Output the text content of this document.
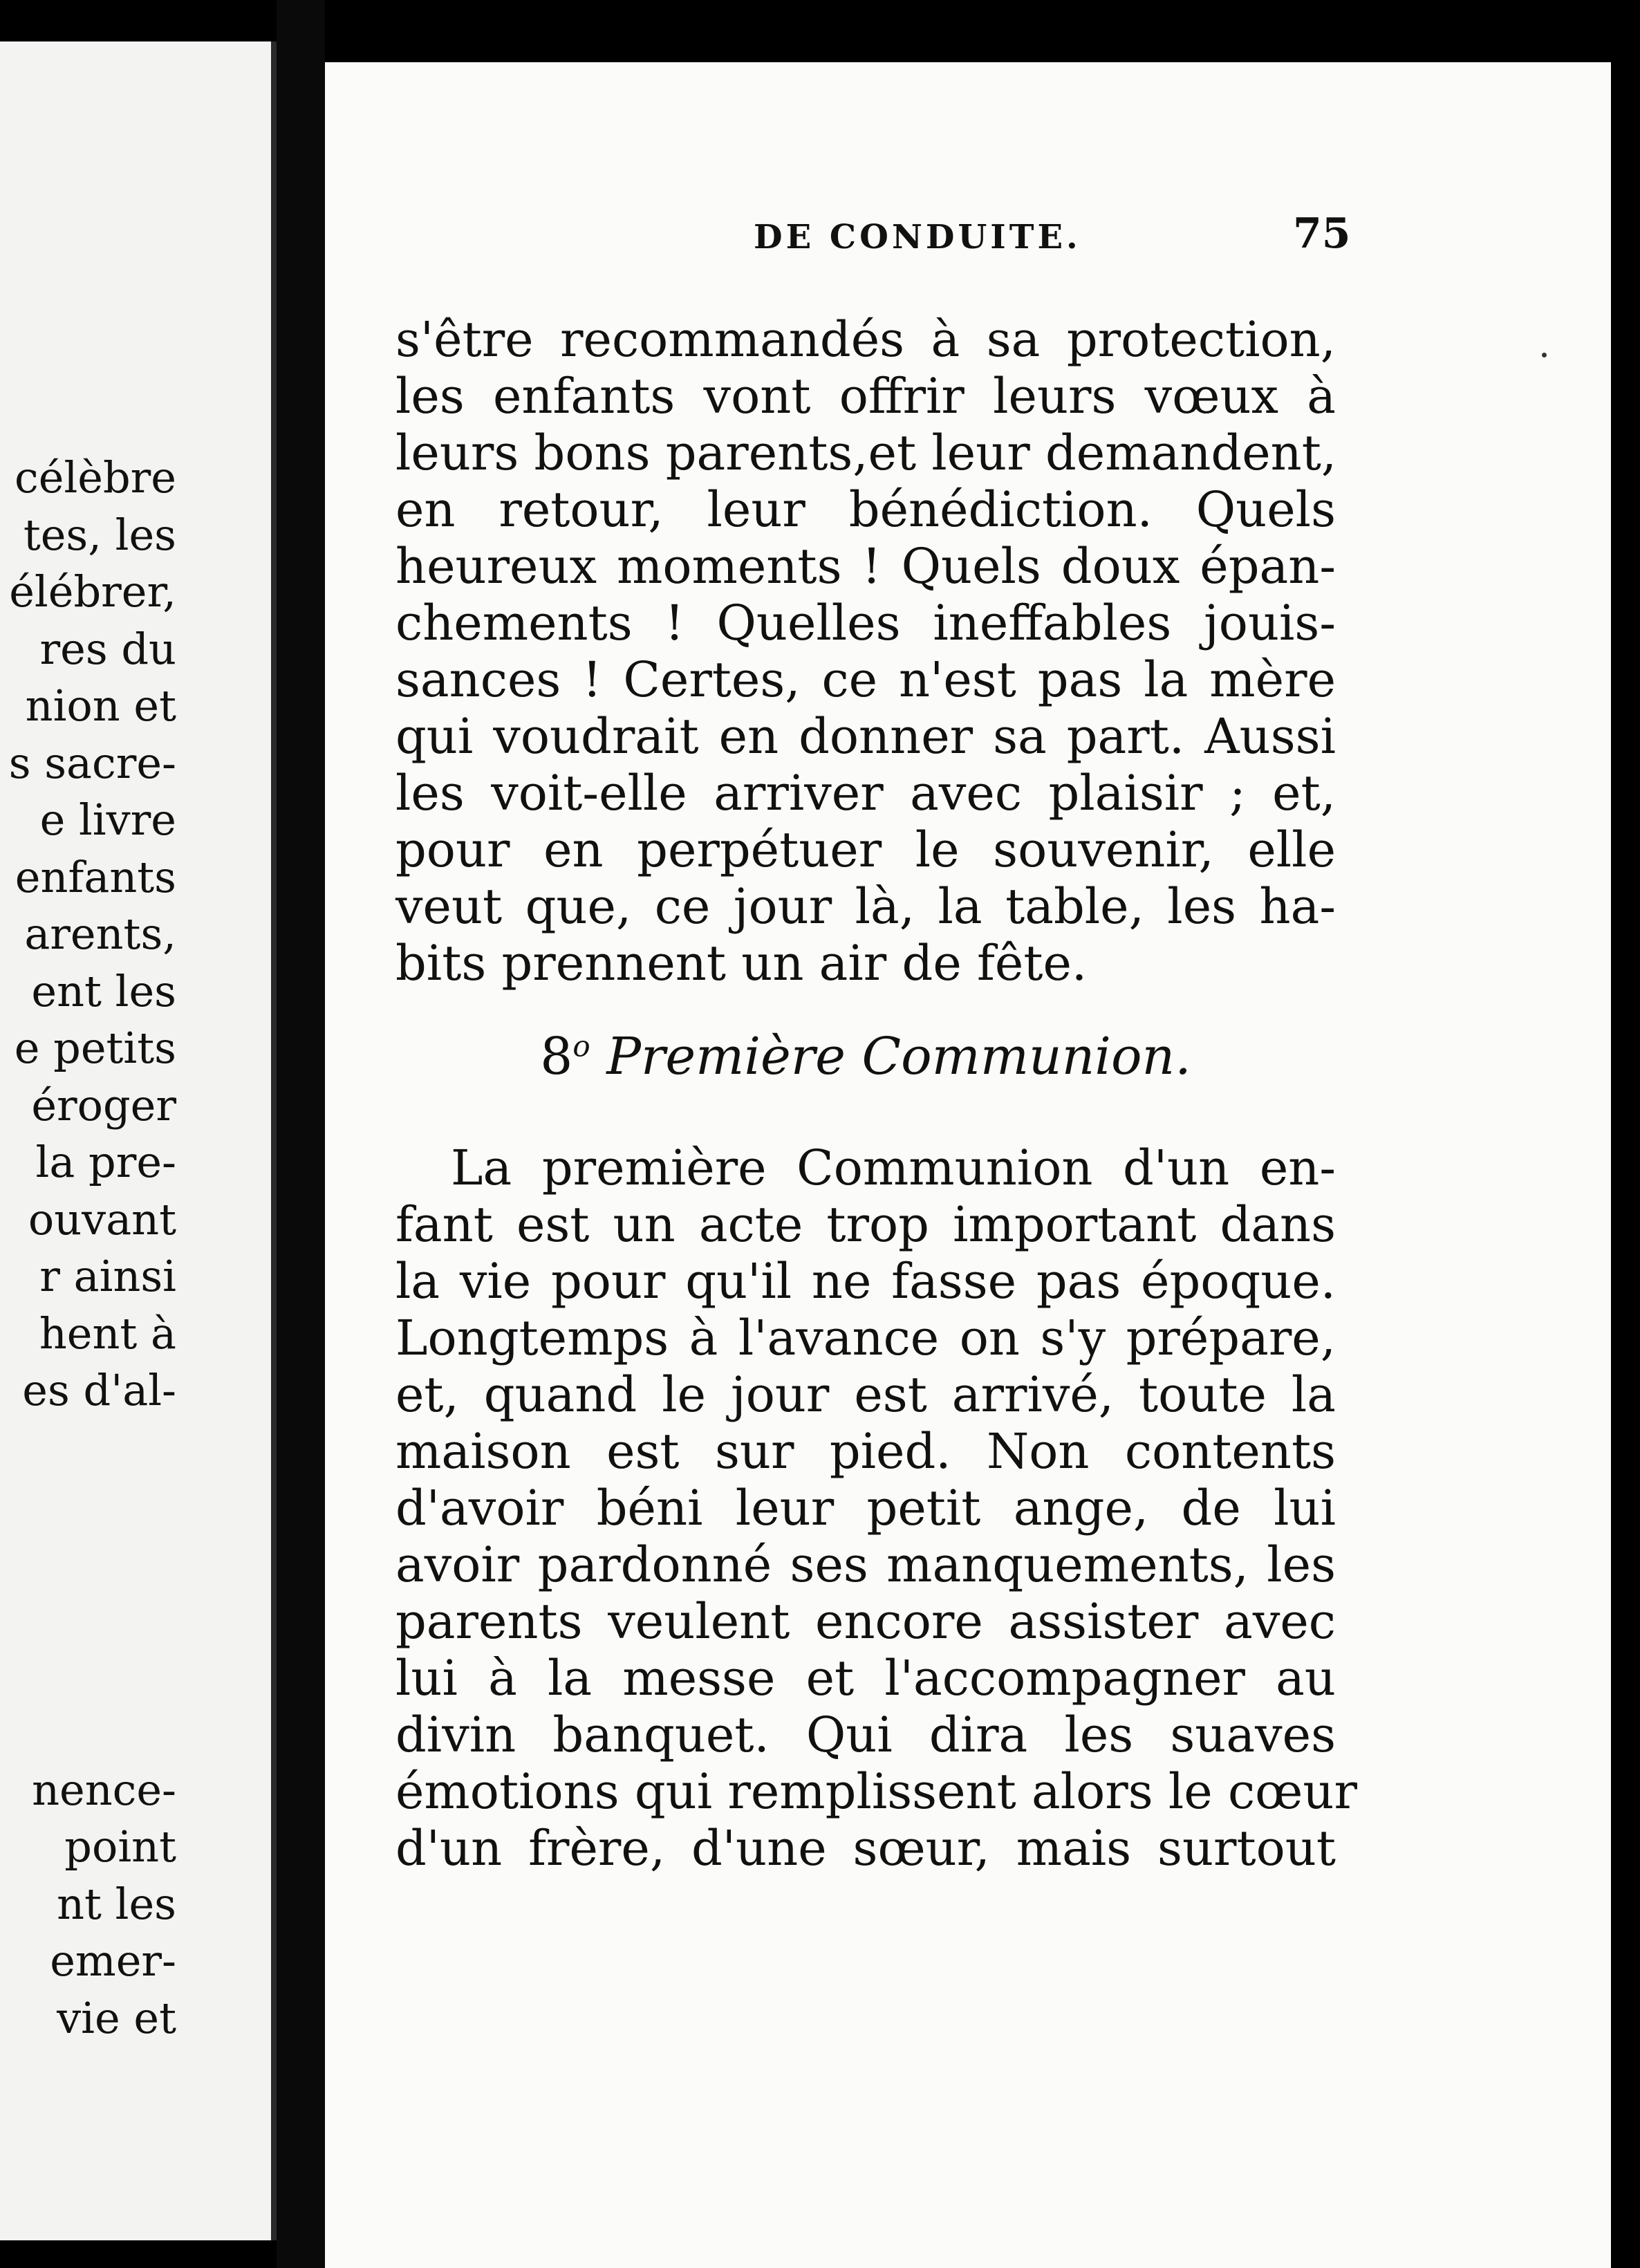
célèbre
tes, les
élébrer,
res du
nion et
s sacre-
e livre
enfants
arents,
ent les
e petits
éroger
la pre-
ouvant
r ainsi
hent à
es d'al-
nence-
point
nt les
emer-
vie et
DE CONDUITE.	75
s'être recommandés à sa protection,
les enfants vont offrir leurs vœux à
leurs bons parents,et leur demandent,
en retour, leur bénédiction. Quels
heureux moments ! Quels doux épan-
chements ! Quelles ineffables jouis-
sances ! Certes, ce n'est pas la mère
qui voudrait en donner sa part. Aussi
les voit-elle arriver avec plaisir ; et,
pour en perpétuer le souvenir, elle
veut que, ce jour là, la table, les ha-
bits prennent un air de fête.
8$^o$ Première Communion.
La première Communion d'un en-
fant est un acte trop important dans
la vie pour qu'il ne fasse pas époque.
Longtemps à l'avance on s'y prépare,
et, quand le jour est arrivé, toute la
maison est sur pied. Non contents
d'avoir béni leur petit ange, de lui
avoir pardonné ses manquements, les
parents veulent encore assister avec
lui à la messe et l'accompagner au
divin banquet. Qui dira les suaves
émotions qui remplissent alors le cœur
d'un frère, d'une sœur, mais surtout
